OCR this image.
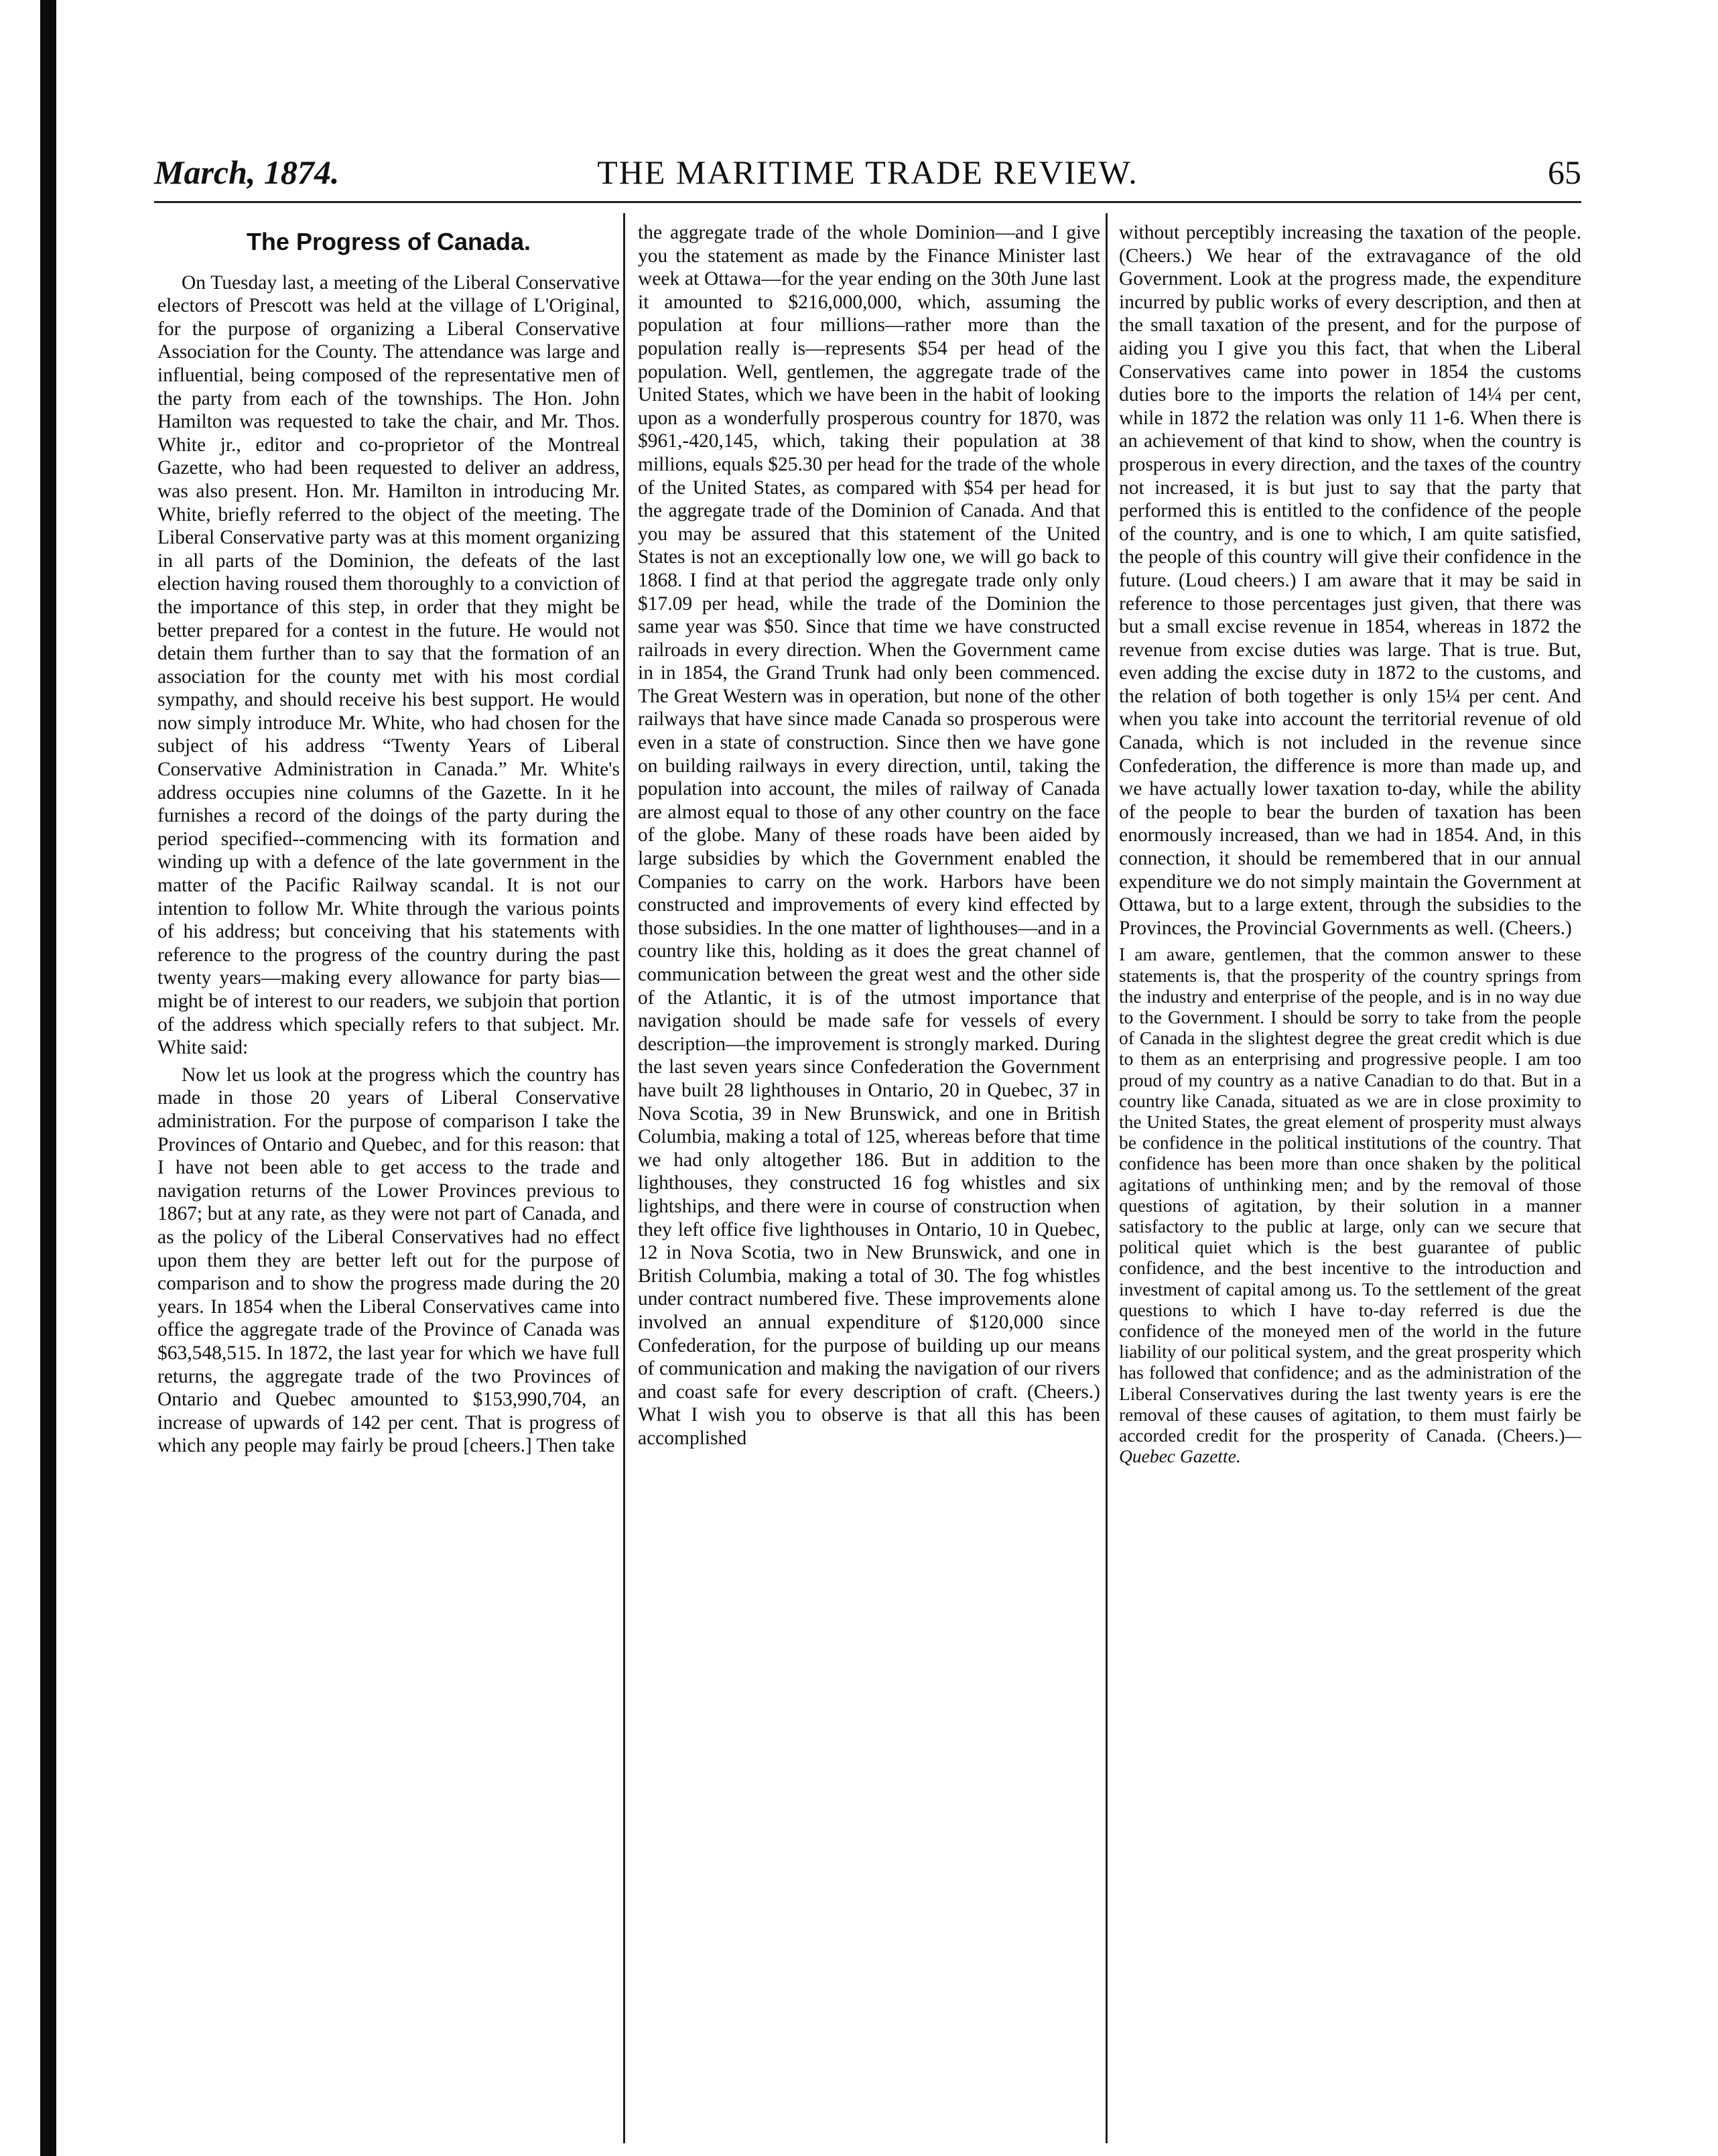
March, 1874.	THE MARITIME TRADE REVIEW.	65
The Progress of Canada.

On Tuesday last, a meeting of the Liberal Conservative electors of Prescott was held at the village of L'Original, for the purpose of organizing a Liberal Conservative Association for the County. The attendance was large and influential, being composed of the representative men of the party from each of the townships. The Hon. John Hamilton was requested to take the chair, and Mr. Thos. White jr., editor and co-proprietor of the Montreal Gazette, who had been requested to deliver an address, was also present. Hon. Mr. Hamilton in introducing Mr. White, briefly referred to the object of the meeting. The Liberal Conservative party was at this moment organizing in all parts of the Dominion, the defeats of the last election having roused them thoroughly to a conviction of the importance of this step, in order that they might be better prepared for a contest in the future. He would not detain them further than to say that the formation of an association for the county met with his most cordial sympathy, and should receive his best support. He would now simply introduce Mr. White, who had chosen for the subject of his address “Twenty Years of Liberal Conservative Administration in Canada.” Mr. White's address occupies nine columns of the Gazette. In it he furnishes a record of the doings of the party during the period specified--commencing with its formation and winding up with a defence of the late government in the matter of the Pacific Railway scandal. It is not our intention to follow Mr. White through the various points of his address; but conceiving that his statements with reference to the progress of the country during the past twenty years—making every allowance for party bias—might be of interest to our readers, we subjoin that portion of the address which specially refers to that subject. Mr. White said:

Now let us look at the progress which the country has made in those 20 years of Liberal Conservative administration. For the purpose of comparison I take the Provinces of Ontario and Quebec, and for this reason: that I have not been able to get access to the trade and navigation returns of the Lower Provinces previous to 1867; but at any rate, as they were not part of Canada, and as the policy of the Liberal Conservatives had no effect upon them they are better left out for the purpose of comparison and to show the progress made during the 20 years. In 1854 when the Liberal Conservatives came into office the aggregate trade of the Province of Canada was $63,548,515. In 1872, the last year for which we have full returns, the aggregate trade of the two Provinces of Ontario and Quebec amounted to $153,990,704, an increase of upwards of 142 per cent. That is progress of which any people may fairly be proud [cheers.] Then take

the aggregate trade of the whole Dominion—and I give you the statement as made by the Finance Minister last week at Ottawa—for the year ending on the 30th June last it amounted to $216,000,000, which, assuming the population at four millions—rather more than the population really is—represents $54 per head of the population. Well, gentlemen, the aggregate trade of the United States, which we have been in the habit of looking upon as a wonderfully prosperous country for 1870, was $961,-420,145, which, taking their population at 38 millions, equals $25.30 per head for the trade of the whole of the United States, as compared with $54 per head for the aggregate trade of the Dominion of Canada. And that you may be assured that this statement of the United States is not an exceptionally low one, we will go back to 1868. I find at that period the aggregate trade only only $17.09 per head, while the trade of the Dominion the same year was $50. Since that time we have constructed railroads in every direction. When the Government came in in 1854, the Grand Trunk had only been commenced. The Great Western was in operation, but none of the other railways that have since made Canada so prosperous were even in a state of construction. Since then we have gone on building railways in every direction, until, taking the population into account, the miles of railway of Canada are almost equal to those of any other country on the face of the globe. Many of these roads have been aided by large subsidies by which the Government enabled the Companies to carry on the work. Harbors have been constructed and improvements of every kind effected by those subsidies. In the one matter of lighthouses—and in a country like this, holding as it does the great channel of communication between the great west and the other side of the Atlantic, it is of the utmost importance that navigation should be made safe for vessels of every description—the improvement is strongly marked. During the last seven years since Confederation the Government have built 28 lighthouses in Ontario, 20 in Quebec, 37 in Nova Scotia, 39 in New Brunswick, and one in British Columbia, making a total of 125, whereas before that time we had only altogether 186. But in addition to the lighthouses, they constructed 16 fog whistles and six lightships, and there were in course of construction when they left office five lighthouses in Ontario, 10 in Quebec, 12 in Nova Scotia, two in New Brunswick, and one in British Columbia, making a total of 30. The fog whistles under contract numbered five. These improvements alone involved an annual expenditure of $120,000 since Confederation, for the purpose of building up our means of communication and making the navigation of our rivers and coast safe for every description of craft. (Cheers.) What I wish you to observe is that all this has been accomplished

without perceptibly increasing the taxation of the people. (Cheers.) We hear of the extravagance of the old Government. Look at the progress made, the expenditure incurred by public works of every description, and then at the small taxation of the present, and for the purpose of aiding you I give you this fact, that when the Liberal Conservatives came into power in 1854 the customs duties bore to the imports the relation of 14¼ per cent, while in 1872 the relation was only 11 1-6. When there is an achievement of that kind to show, when the country is prosperous in every direction, and the taxes of the country not increased, it is but just to say that the party that performed this is entitled to the confidence of the people of the country, and is one to which, I am quite satisfied, the people of this country will give their confidence in the future. (Loud cheers.) I am aware that it may be said in reference to those percentages just given, that there was but a small excise revenue in 1854, whereas in 1872 the revenue from excise duties was large. That is true. But, even adding the excise duty in 1872 to the customs, and the relation of both together is only 15¼ per cent. And when you take into account the territorial revenue of old Canada, which is not included in the revenue since Confederation, the difference is more than made up, and we have actually lower taxation to-day, while the ability of the people to bear the burden of taxation has been enormously increased, than we had in 1854. And, in this connection, it should be remembered that in our annual expenditure we do not simply maintain the Government at Ottawa, but to a large extent, through the subsidies to the Provinces, the Provincial Governments as well. (Cheers.)

I am aware, gentlemen, that the common answer to these statements is, that the prosperity of the country springs from the industry and enterprise of the people, and is in no way due to the Government. I should be sorry to take from the people of Canada in the slightest degree the great credit which is due to them as an enterprising and progressive people. I am too proud of my country as a native Canadian to do that. But in a country like Canada, situated as we are in close proximity to the United States, the great element of prosperity must always be confidence in the political institutions of the country. That confidence has been more than once shaken by the political agitations of unthinking men; and by the removal of those questions of agitation, by their solution in a manner satisfactory to the public at large, only can we secure that political quiet which is the best guarantee of public confidence, and the best incentive to the introduction and investment of capital among us. To the settlement of the great questions to which I have to-day referred is due the confidence of the moneyed men of the world in the future liability of our political system, and the great prosperity which has followed that confidence; and as the administration of the Liberal Conservatives during the last twenty years is ere the removal of these causes of agitation, to them must fairly be accorded credit for the prosperity of Canada. (Cheers.)—Quebec Gazette.
